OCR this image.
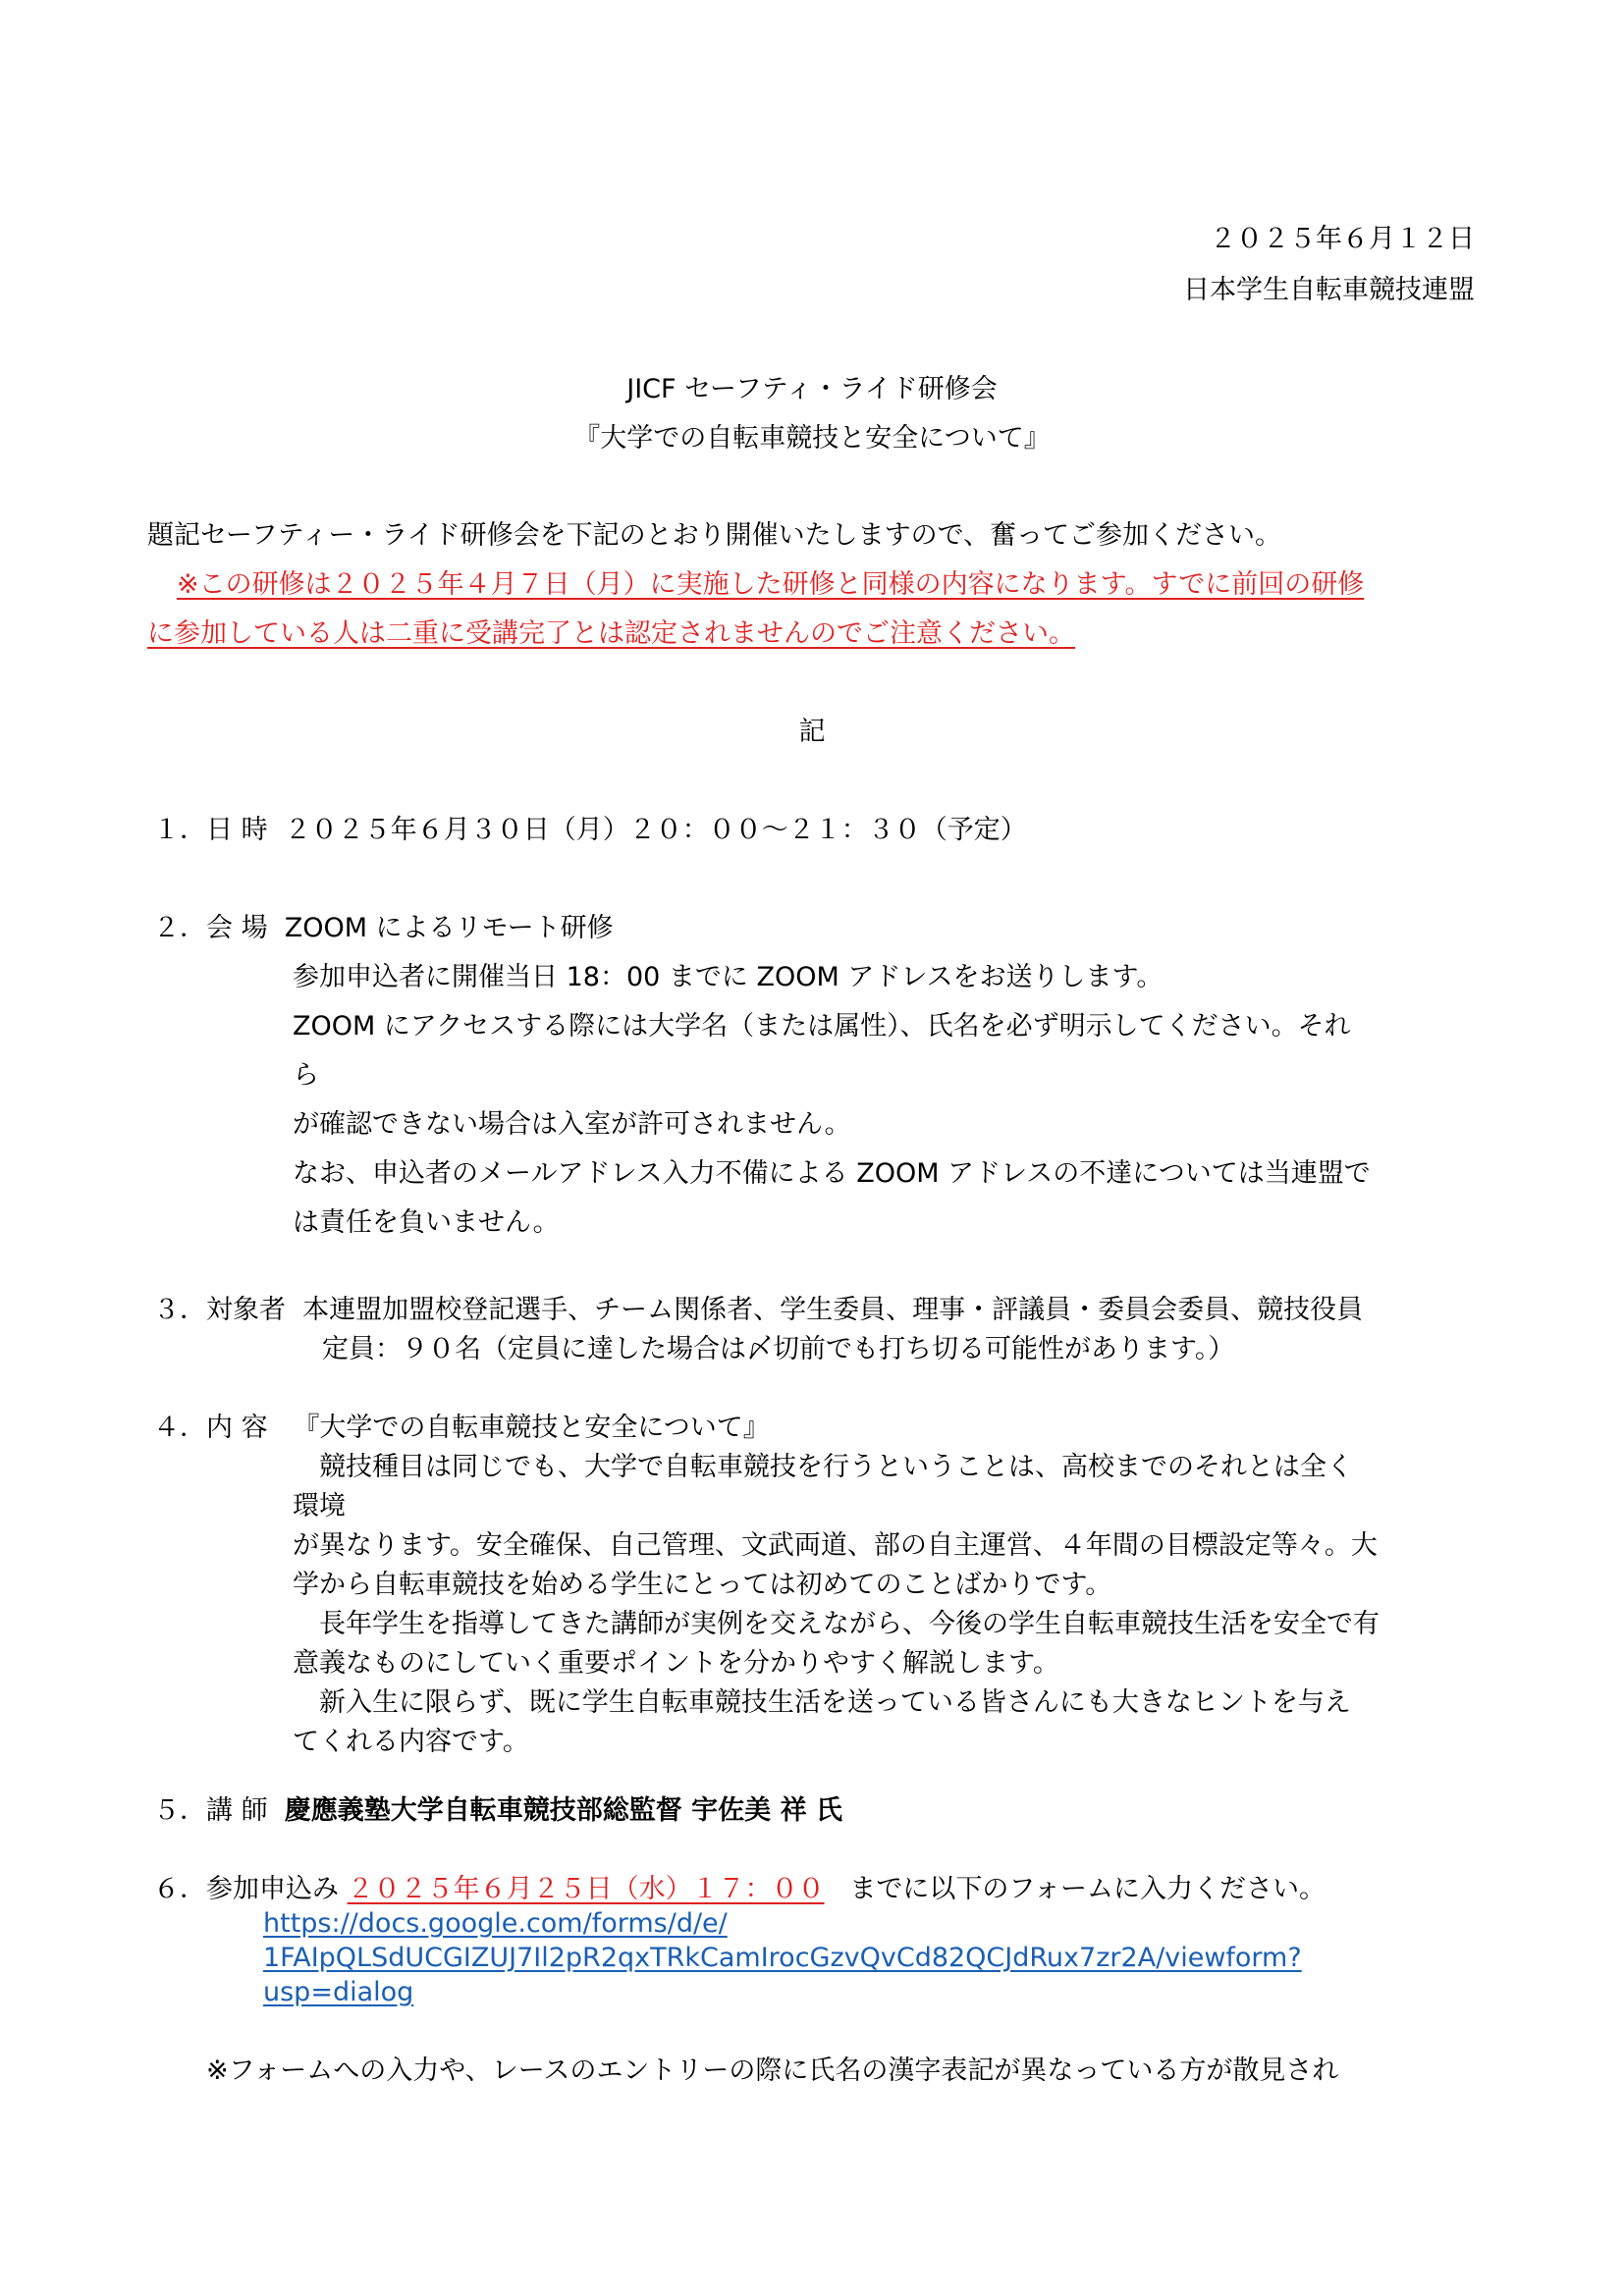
２０２５年６月１２日
日本学生自転車競技連盟
JICF セーフティ・ライド研修会
『大学での自転車競技と安全について』
題記セーフティー・ライド研修会を下記のとおり開催いたしますので、奮ってご参加ください。
※この研修は２０２５年４月７日（月）に実施した研修と同様の内容になります。すでに前回の研修
に参加している人は二重に受講完了とは認定されませんのでご注意ください。
記
１．日 時 ２０２５年６月３０日（月）２０：００～２１：３０（予定）
２．会 場 ZOOM によるリモート研修
参加申込者に開催当日 18：00 までに ZOOM アドレスをお送りします。
ZOOM にアクセスする際には大学名（または属性）、氏名を必ず明示してください。それ
ら
が確認できない場合は入室が許可されません。
なお、申込者のメールアドレス入力不備による ZOOM アドレスの不達については当連盟で
は責任を負いません。
３．対象者 本連盟加盟校登記選手、チーム関係者、学生委員、理事・評議員・委員会委員、競技役員
定員：９０名（定員に達した場合は〆切前でも打ち切る可能性があります。）
４．内 容 『大学での自転車競技と安全について』
　競技種目は同じでも、大学で自転車競技を行うということは、高校までのそれとは全く
環境
が異なります。安全確保、自己管理、文武両道、部の自主運営、４年間の目標設定等々。大
学から自転車競技を始める学生にとっては初めてのことばかりです。
　長年学生を指導してきた講師が実例を交えながら、今後の学生自転車競技生活を安全で有
意義なものにしていく重要ポイントを分かりやすく解説します。
　新入生に限らず、既に学生自転車競技生活を送っている皆さんにも大きなヒントを与え
てくれる内容です。
５．講 師 慶應義塾大学自転車競技部総監督 宇佐美 祥 氏
６．参加申込み ２０２５年６月２５日（水）１７：００ までに以下のフォームに入力ください。
https://docs.google.com/forms/d/e/
1FAIpQLSdUCGIZUJ7Il2pR2qxTRkCamIrocGzvQvCd82QCJdRux7zr2A/viewform?
usp=dialog
※フォームへの入力や、レースのエントリーの際に氏名の漢字表記が異なっている方が散見され
